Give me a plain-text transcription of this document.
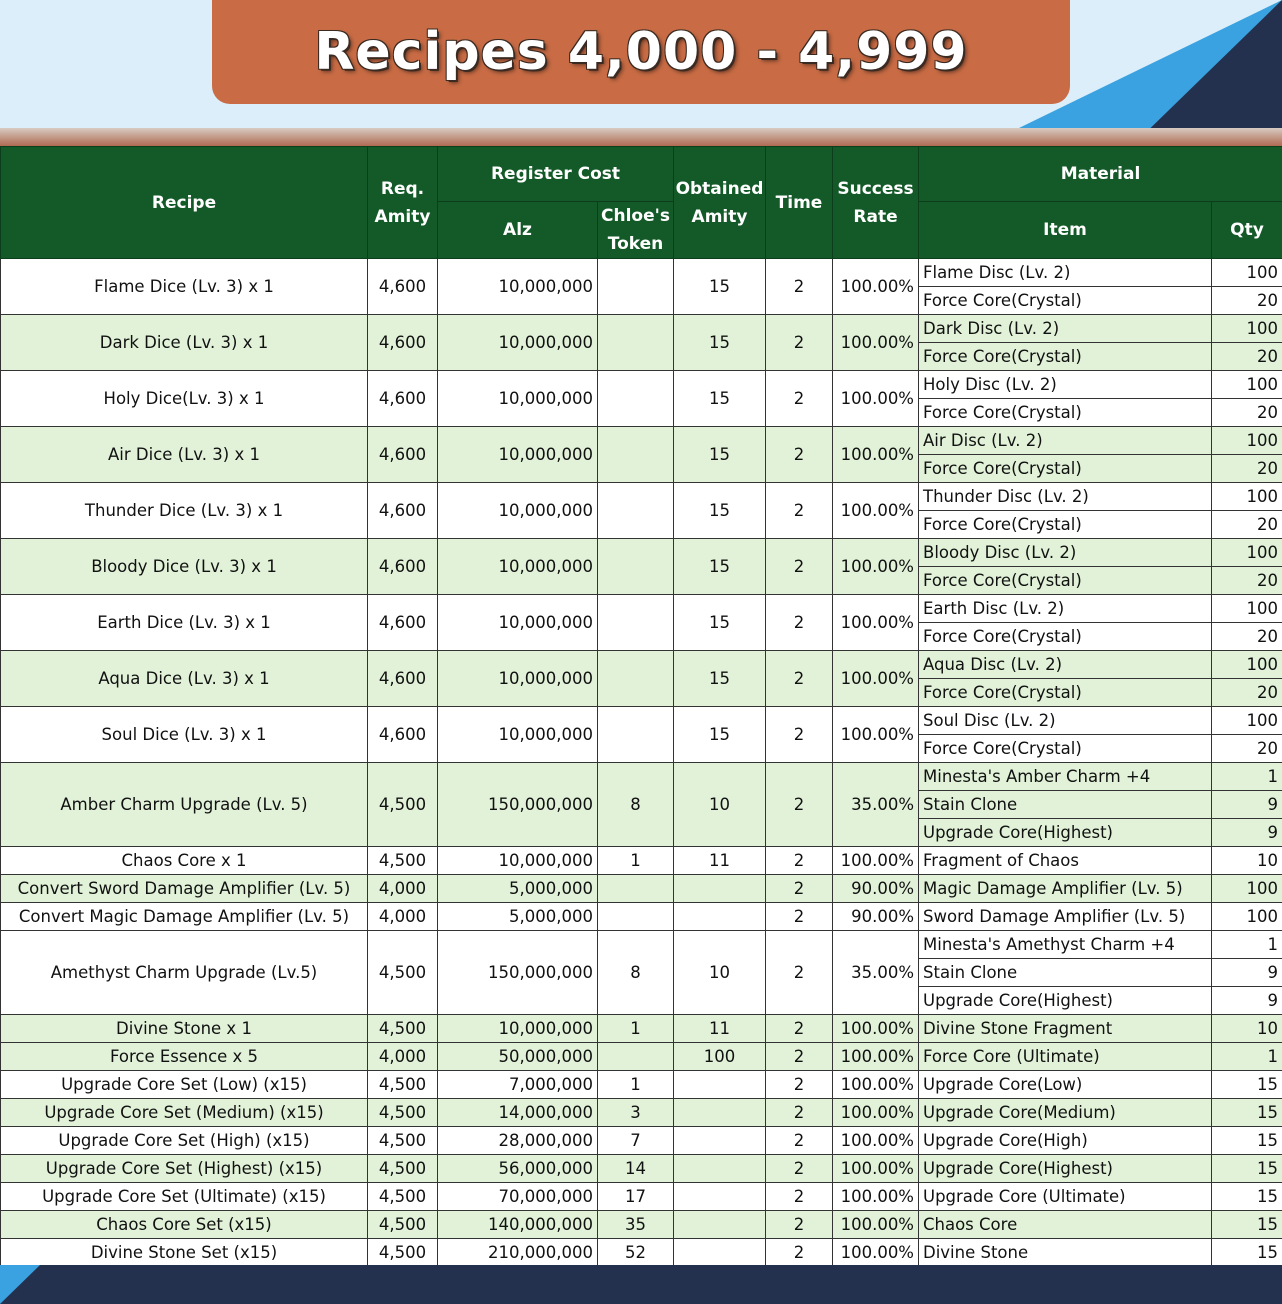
Recipes 4,000 - 4,999
Recipe	Req. Amity	Register Cost		Obtained Amity	Time	Success Rate	Material	
		Alz	Chloe's Token				Item	Qty
Flame Dice (Lv. 3) x 1	4,600	10,000,000		15	2	100.00%	Flame Disc (Lv. 2)	100
							Force Core(Crystal)	20
Dark Dice (Lv. 3) x 1	4,600	10,000,000		15	2	100.00%	Dark Disc (Lv. 2)	100
							Force Core(Crystal)	20
Holy Dice(Lv. 3) x 1	4,600	10,000,000		15	2	100.00%	Holy Disc (Lv. 2)	100
							Force Core(Crystal)	20
Air Dice (Lv. 3) x 1	4,600	10,000,000		15	2	100.00%	Air Disc (Lv. 2)	100
							Force Core(Crystal)	20
Thunder Dice (Lv. 3) x 1	4,600	10,000,000		15	2	100.00%	Thunder Disc (Lv. 2)	100
							Force Core(Crystal)	20
Bloody Dice (Lv. 3) x 1	4,600	10,000,000		15	2	100.00%	Bloody Disc (Lv. 2)	100
							Force Core(Crystal)	20
Earth Dice (Lv. 3) x 1	4,600	10,000,000		15	2	100.00%	Earth Disc (Lv. 2)	100
							Force Core(Crystal)	20
Aqua Dice (Lv. 3) x 1	4,600	10,000,000		15	2	100.00%	Aqua Disc (Lv. 2)	100
							Force Core(Crystal)	20
Soul Dice (Lv. 3) x 1	4,600	10,000,000		15	2	100.00%	Soul Disc (Lv. 2)	100
							Force Core(Crystal)	20
Amber Charm Upgrade (Lv. 5)	4,500	150,000,000	8	10	2	35.00%	Minesta's Amber Charm +4	1
							Stain Clone	9
							Upgrade Core(Highest)	9
Chaos Core x 1	4,500	10,000,000	1	11	2	100.00%	Fragment of Chaos	10
Convert Sword Damage Amplifier (Lv. 5)	4,000	5,000,000			2	90.00%	Magic Damage Amplifier (Lv. 5)	100
Convert Magic Damage Amplifier (Lv. 5)	4,000	5,000,000			2	90.00%	Sword Damage Amplifier (Lv. 5)	100
Amethyst Charm Upgrade (Lv.5)	4,500	150,000,000	8	10	2	35.00%	Minesta's Amethyst Charm +4	1
							Stain Clone	9
							Upgrade Core(Highest)	9
Divine Stone x 1	4,500	10,000,000	1	11	2	100.00%	Divine Stone Fragment	10
Force Essence x 5	4,000	50,000,000		100	2	100.00%	Force Core (Ultimate)	1
Upgrade Core Set (Low) (x15)	4,500	7,000,000	1		2	100.00%	Upgrade Core(Low)	15
Upgrade Core Set (Medium) (x15)	4,500	14,000,000	3		2	100.00%	Upgrade Core(Medium)	15
Upgrade Core Set (High) (x15)	4,500	28,000,000	7		2	100.00%	Upgrade Core(High)	15
Upgrade Core Set (Highest) (x15)	4,500	56,000,000	14		2	100.00%	Upgrade Core(Highest)	15
Upgrade Core Set (Ultimate) (x15)	4,500	70,000,000	17		2	100.00%	Upgrade Core (Ultimate)	15
Chaos Core Set (x15)	4,500	140,000,000	35		2	100.00%	Chaos Core	15
Divine Stone Set (x15)	4,500	210,000,000	52		2	100.00%	Divine Stone	15
